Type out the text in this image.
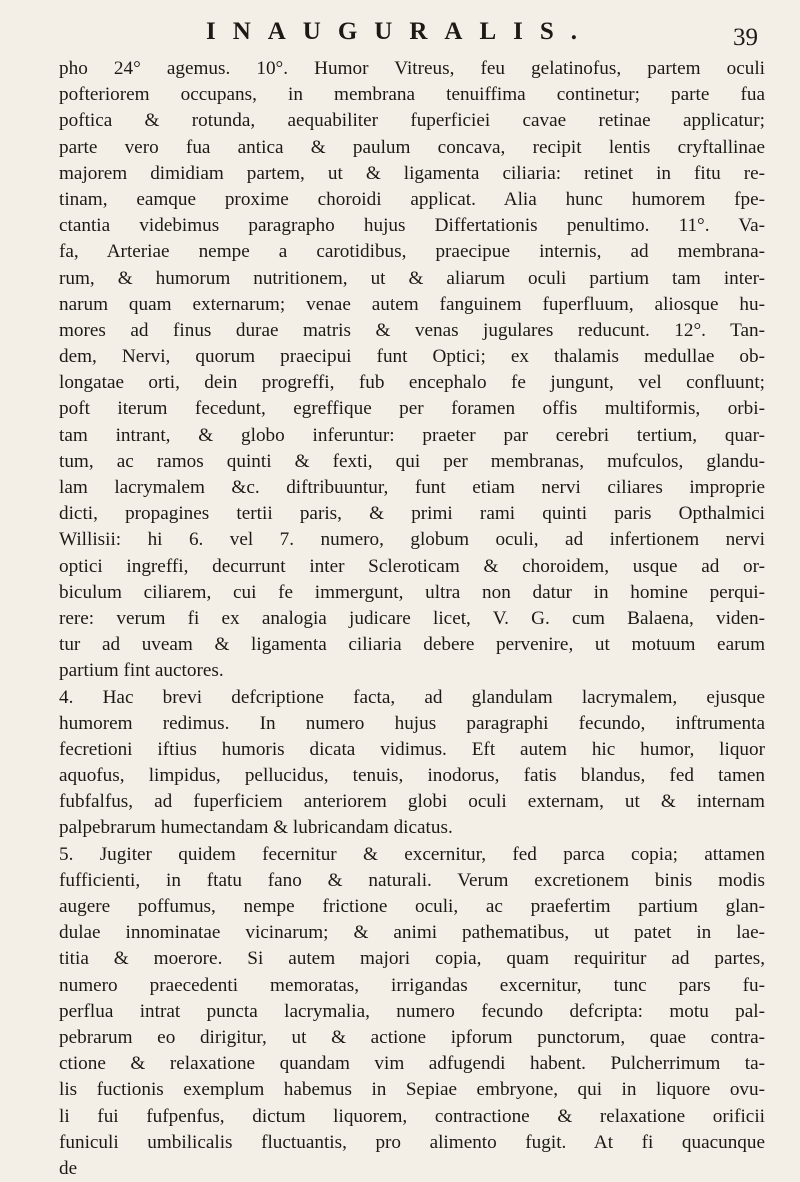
INAUGURALIS.	39
pho 24° agemus. 10°. Humor Vitreus, feu gelatinofus, partem oculi
pofteriorem occupans, in membrana tenuiffima continetur; parte fua
poftica & rotunda, aequabiliter fuperficiei cavae retinae applicatur;
parte vero fua antica & paulum concava, recipit lentis cryftallinae
majorem dimidiam partem, ut & ligamenta ciliaria: retinet in fitu re-
tinam, eamque proxime choroidi applicat. Alia hunc humorem fpe-
ctantia videbimus paragrapho hujus Differtationis penultimo. 11°. Va-
fa, Arteriae nempe a carotidibus, praecipue internis, ad membrana-
rum, & humorum nutritionem, ut & aliarum oculi partium tam inter-
narum quam externarum; venae autem fanguinem fuperfluum, aliosque hu-
mores ad finus durae matris & venas jugulares reducunt. 12°. Tan-
dem, Nervi, quorum praecipui funt Optici; ex thalamis medullae ob-
longatae orti, dein progreffi, fub encephalo fe jungunt, vel confluunt;
poft iterum fecedunt, egreffique per foramen offis multiformis, orbi-
tam intrant, & globo inferuntur: praeter par cerebri tertium, quar-
tum, ac ramos quinti & fexti, qui per membranas, mufculos, glandu-
lam lacrymalem &c. diftribuuntur, funt etiam nervi ciliares improprie
dicti, propagines tertii paris, & primi rami quinti paris Opthalmici
Willisii: hi 6. vel 7. numero, globum oculi, ad infertionem nervi
optici ingreffi, decurrunt inter Scleroticam & choroidem, usque ad or-
biculum ciliarem, cui fe immergunt, ultra non datur in homine perqui-
rere: verum fi ex analogia judicare licet, V. G. cum Balaena, viden-
tur ad uveam & ligamenta ciliaria debere pervenire, ut motuum earum
partium fint auctores.
4. Hac brevi defcriptione facta, ad glandulam lacrymalem, ejusque
humorem redimus. In numero hujus paragraphi fecundo, inftrumenta
fecretioni iftius humoris dicata vidimus. Eft autem hic humor, liquor
aquofus, limpidus, pellucidus, tenuis, inodorus, fatis blandus, fed tamen
fubfalfus, ad fuperficiem anteriorem globi oculi externam, ut & internam
palpebrarum humectandam & lubricandam dicatus.
5. Jugiter quidem fecernitur & excernitur, fed parca copia; attamen
fufficienti, in ftatu fano & naturali. Verum excretionem binis modis
augere poffumus, nempe frictione oculi, ac praefertim partium glan-
dulae innominatae vicinarum; & animi pathematibus, ut patet in lae-
titia & moerore. Si autem majori copia, quam requiritur ad partes,
numero praecedenti memoratas, irrigandas excernitur, tunc pars fu-
perflua intrat puncta lacrymalia, numero fecundo defcripta: motu pal-
pebrarum eo dirigitur, ut & actione ipforum punctorum, quae contra-
ctione & relaxatione quandam vim adfugendi habent. Pulcherrimum ta-
lis fuctionis exemplum habemus in Sepiae embryone, qui in liquore ovu-
li fui fufpenfus, dictum liquorem, contractione & relaxatione orificii
funiculi umbilicalis fluctuantis, pro alimento fugit. At fi quacunque
de
